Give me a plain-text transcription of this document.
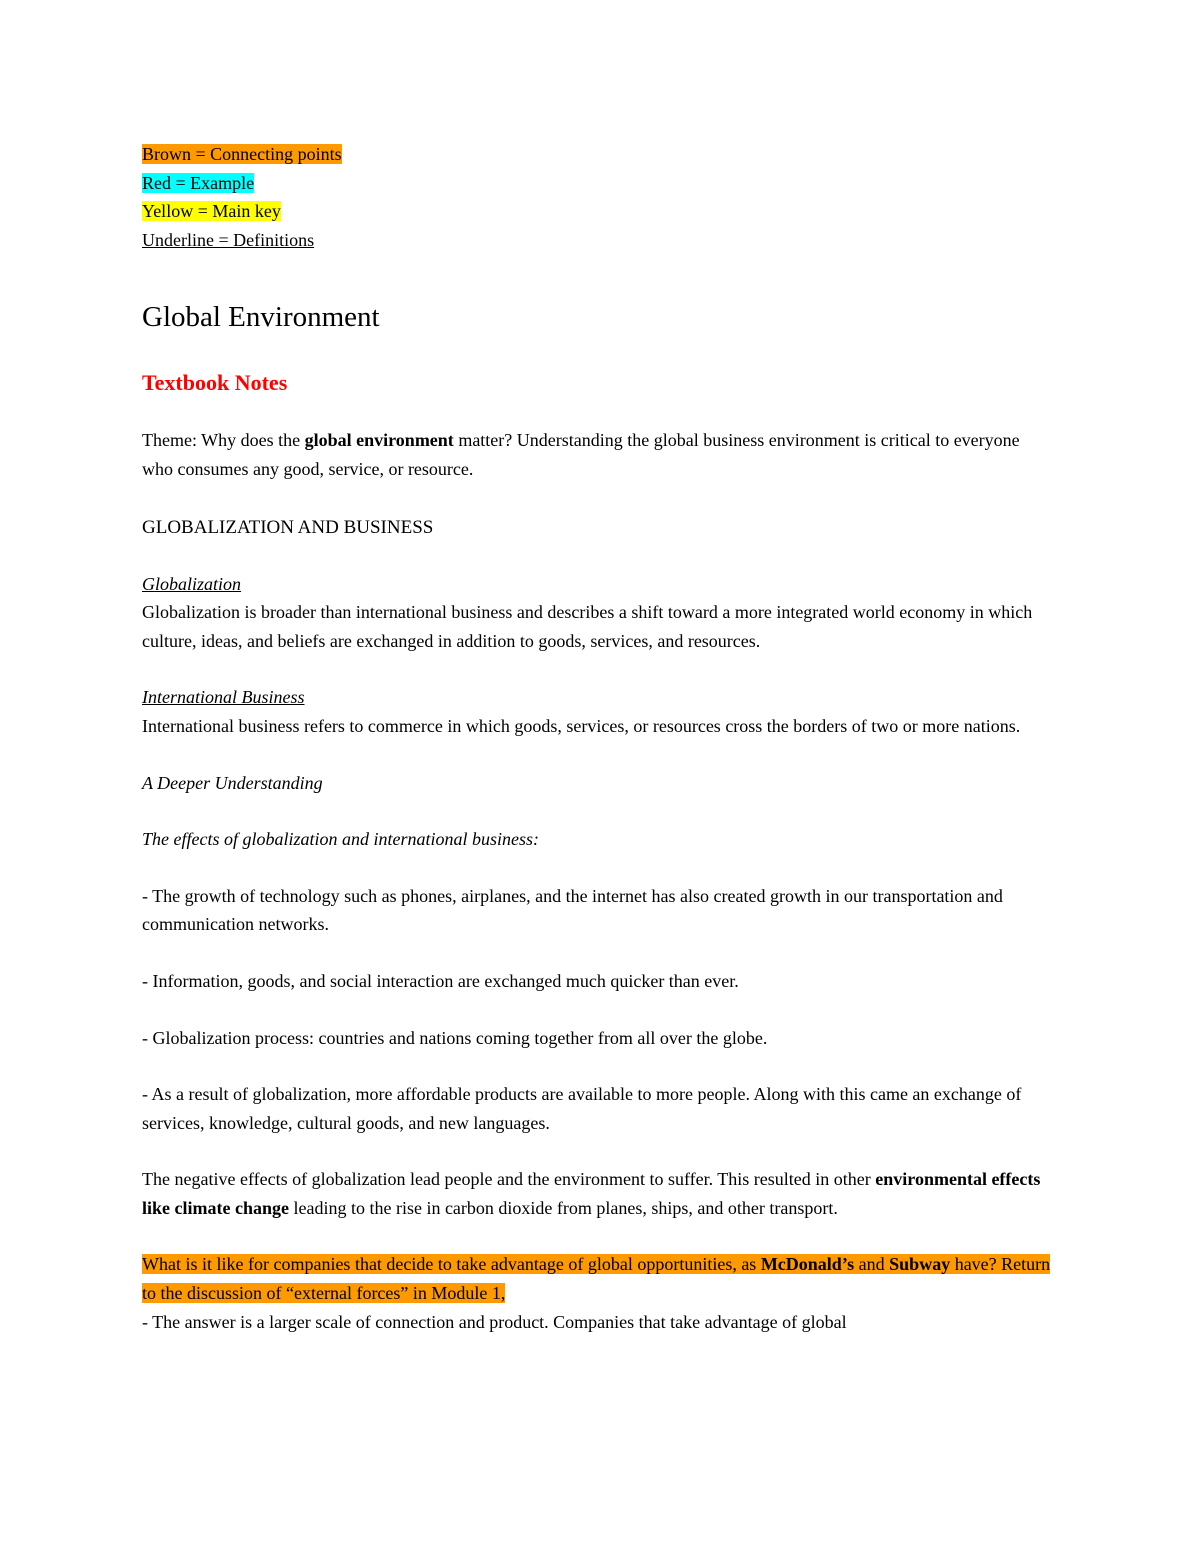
Brown = Connecting points

Red = Example

Yellow = Main key

Underline = Definitions

Global Environment
Textbook Notes

Theme: Why does the global environment matter? Understanding the global business environment is critical to everyone who consumes any good, service, or resource.

GLOBALIZATION AND BUSINESS

Globalization

Globalization is broader than international business and describes a shift toward a more integrated world economy in which culture, ideas, and beliefs are exchanged in addition to goods, services, and resources.

International Business

International business refers to commerce in which goods, services, or resources cross the borders of two or more nations.

A Deeper Understanding

The effects of globalization and international business:

- The growth of technology such as phones, airplanes, and the internet has also created growth in our transportation and communication networks.

- Information, goods, and social interaction are exchanged much quicker than ever.

- Globalization process: countries and nations coming together from all over the globe.

- As a result of globalization, more affordable products are available to more people. Along with this came an exchange of services, knowledge, cultural goods, and new languages.

The negative effects of globalization lead people and the environment to suffer. This resulted in other environmental effects like climate change leading to the rise in carbon dioxide from planes, ships, and other transport.

What is it like for companies that decide to take advantage of global opportunities, as McDonald’s and Subway have? Return to the discussion of “external forces” in Module 1,

- The answer is a larger scale of connection and product. Companies that take advantage of global
